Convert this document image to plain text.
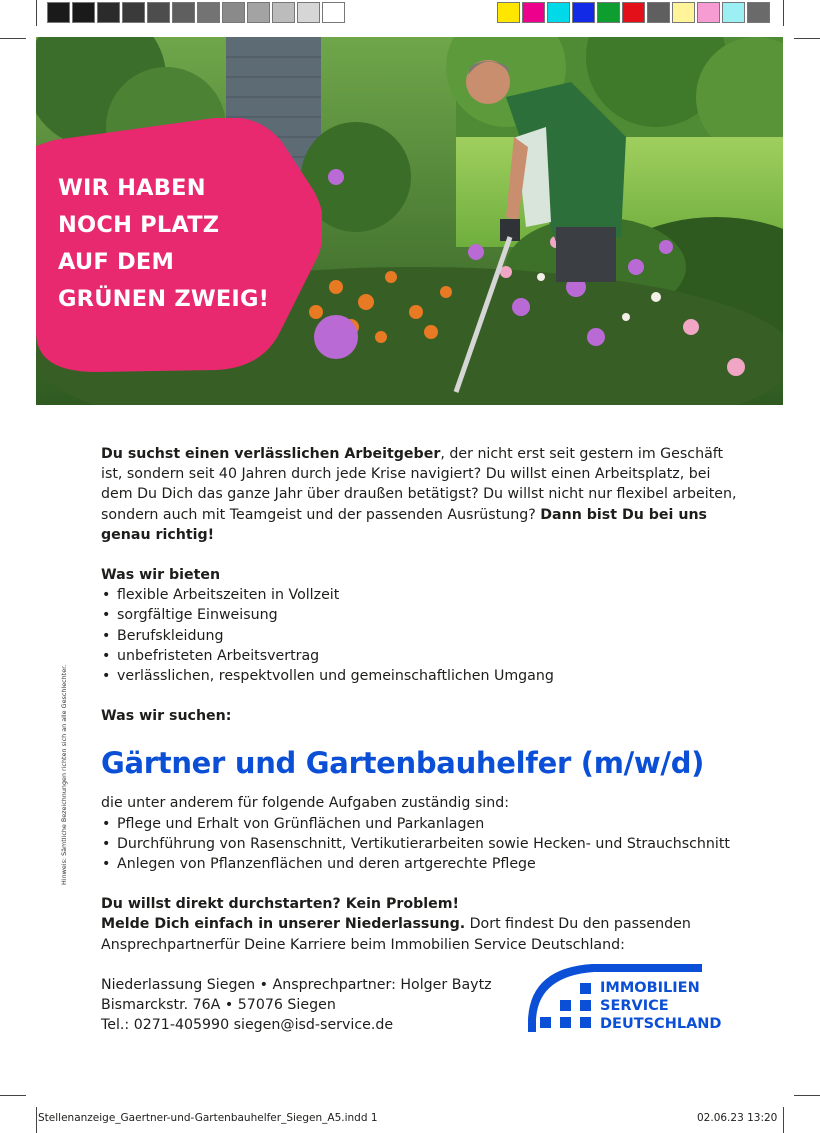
WIR HABEN
NOCH PLATZ
AUF DEM
GRÜNEN ZWEIG!
Hinweis: Sämtliche Bezeichnungen richten sich an alle Geschlechter.

Du suchst einen verlässlichen Arbeitgeber, der nicht erst seit gestern im Geschäft ist, sondern seit 40 Jahren durch jede Krise navigiert? Du willst einen Arbeitsplatz, bei dem Du Dich das ganze Jahr über draußen betätigst? Du willst nicht nur flexibel arbeiten, sondern auch mit Teamgeist und der passenden Ausrüstung? Dann bist Du bei uns genau richtig!

Was wir bieten

• flexible Arbeitszeiten in Vollzeit
• sorgfältige Einweisung
• Berufskleidung
• unbefristeten Arbeitsvertrag
• verlässlichen, respektvollen und gemeinschaftlichen Umgang

Was wir suchen:

Gärtner und Gartenbauhelfer (m/w/d)

die unter anderem für folgende Aufgaben zuständig sind:

• Pflege und Erhalt von Grünflächen und Parkanlagen
• Durchführung von Rasenschnitt, Vertikutierarbeiten sowie Hecken- und Strauchschnitt
• Anlegen von Pflanzenflächen und deren artgerechte Pflege

Du willst direkt durchstarten? Kein Problem!

Melde Dich einfach in unserer Niederlassung. Dort findest Du den passenden Ansprechpartnerfür Deine Karriere beim Immobilien Service Deutschland:

Niederlassung Siegen • Ansprechpartner: Holger Baytz

Bismarckstr. 76A • 57076 Siegen

Tel.: 0271-405990 siegen@isd-service.de

IMMOBILIEN
SERVICE
DEUTSCHLAND
Stellenanzeige_Gaertner-und-Gartenbauhelfer_Siegen_A5.indd 1	02.06.23 13:20
